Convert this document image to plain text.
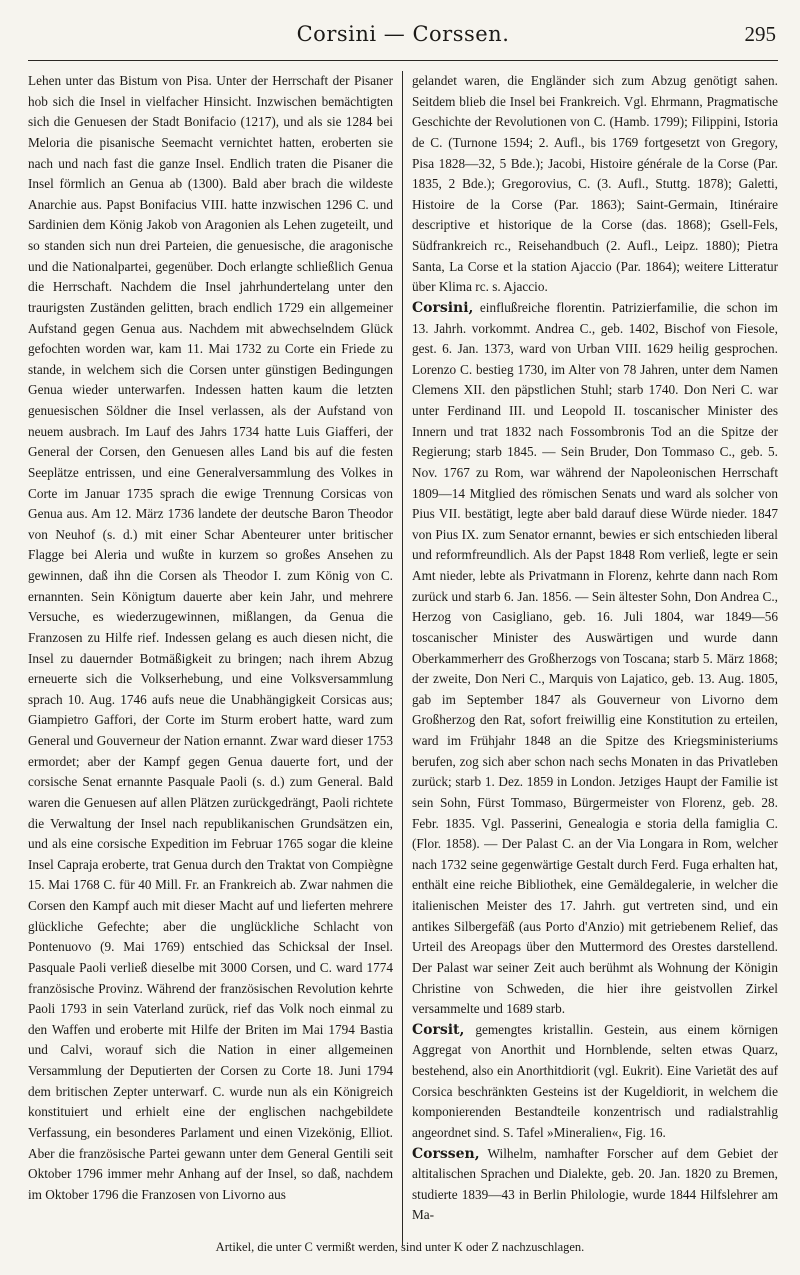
Corsini — Corssen.	295

Lehen unter das Bistum von Pisa. Unter der Herrschaft der Pisaner hob sich die Insel in vielfacher Hinsicht. Inzwischen bemächtigten sich die Genuesen der Stadt Bonifacio (1217), und als sie 1284 bei Meloria die pisanische Seemacht vernichtet hatten, eroberten sie nach und nach fast die ganze Insel. Endlich traten die Pisaner die Insel förmlich an Genua ab (1300). Bald aber brach die wildeste Anarchie aus. Papst Bonifacius VIII. hatte inzwischen 1296 C. und Sardinien dem König Jakob von Aragonien als Lehen zugeteilt, und so standen sich nun drei Parteien, die genuesische, die aragonische und die Nationalpartei, gegenüber. Doch erlangte schließlich Genua die Herrschaft. Nachdem die Insel jahrhundertelang unter den traurigsten Zuständen gelitten, brach endlich 1729 ein allgemeiner Aufstand gegen Genua aus. Nachdem mit abwechselndem Glück gefochten worden war, kam 11. Mai 1732 zu Corte ein Friede zu stande, in welchem sich die Corsen unter günstigen Bedingungen Genua wieder unterwarfen. Indessen hatten kaum die letzten genuesischen Söldner die Insel verlassen, als der Aufstand von neuem ausbrach. Im Lauf des Jahrs 1734 hatte Luis Giafferi, der General der Corsen, den Genuesen alles Land bis auf die festen Seeplätze entrissen, und eine Generalversammlung des Volkes in Corte im Januar 1735 sprach die ewige Trennung Corsicas von Genua aus. Am 12. März 1736 landete der deutsche Baron Theodor von Neuhof (s. d.) mit einer Schar Abenteurer unter britischer Flagge bei Aleria und wußte in kurzem so großes Ansehen zu gewinnen, daß ihn die Corsen als Theodor I. zum König von C. ernannten. Sein Königtum dauerte aber kein Jahr, und mehrere Versuche, es wiederzugewinnen, mißlangen, da Genua die Franzosen zu Hilfe rief. Indessen gelang es auch diesen nicht, die Insel zu dauernder Botmäßigkeit zu bringen; nach ihrem Abzug erneuerte sich die Volkserhebung, und eine Volksversammlung sprach 10. Aug. 1746 aufs neue die Unabhängigkeit Corsicas aus; Giampietro Gaffori, der Corte im Sturm erobert hatte, ward zum General und Gouverneur der Nation ernannt. Zwar ward dieser 1753 ermordet; aber der Kampf gegen Genua dauerte fort, und der corsische Senat ernannte Pasquale Paoli (s. d.) zum General. Bald waren die Genuesen auf allen Plätzen zurückgedrängt, Paoli richtete die Verwaltung der Insel nach republikanischen Grundsätzen ein, und als eine corsische Expedition im Februar 1765 sogar die kleine Insel Capraja eroberte, trat Genua durch den Traktat von Compiègne 15. Mai 1768 C. für 40 Mill. Fr. an Frankreich ab. Zwar nahmen die Corsen den Kampf auch mit dieser Macht auf und lieferten mehrere glückliche Gefechte; aber die unglückliche Schlacht von Pontenuovo (9. Mai 1769) entschied das Schicksal der Insel. Pasquale Paoli verließ dieselbe mit 3000 Corsen, und C. ward 1774 französische Provinz. Während der französischen Revolution kehrte Paoli 1793 in sein Vaterland zurück, rief das Volk noch einmal zu den Waffen und eroberte mit Hilfe der Briten im Mai 1794 Bastia und Calvi, worauf sich die Nation in einer allgemeinen Versammlung der Deputierten der Corsen zu Corte 18. Juni 1794 dem britischen Zepter unterwarf. C. wurde nun als ein Königreich konstituiert und erhielt eine der englischen nachgebildete Verfassung, ein besonderes Parlament und einen Vizekönig, Elliot. Aber die französische Partei gewann unter dem General Gentili seit Oktober 1796 immer mehr Anhang auf der Insel, so daß, nachdem im Oktober 1796 die Franzosen von Livorno aus

gelandet waren, die Engländer sich zum Abzug genötigt sahen. Seitdem blieb die Insel bei Frankreich. Vgl. Ehrmann, Pragmatische Geschichte der Revolutionen von C. (Hamb. 1799); Filippini, Istoria de C. (Turnone 1594; 2. Aufl., bis 1769 fortgesetzt von Gregory, Pisa 1828—32, 5 Bde.); Jacobi, Histoire générale de la Corse (Par. 1835, 2 Bde.); Gregorovius, C. (3. Aufl., Stuttg. 1878); Galetti, Histoire de la Corse (Par. 1863); Saint-Germain, Itinéraire descriptive et historique de la Corse (das. 1868); Gsell-Fels, Südfrankreich rc., Reisehandbuch (2. Aufl., Leipz. 1880); Pietra Santa, La Corse et la station Ajaccio (Par. 1864); weitere Litteratur über Klima rc. s. Ajaccio.

Corsini, einflußreiche florentin. Patrizierfamilie, die schon im 13. Jahrh. vorkommt. Andrea C., geb. 1402, Bischof von Fiesole, gest. 6. Jan. 1373, ward von Urban VIII. 1629 heilig gesprochen. Lorenzo C. bestieg 1730, im Alter von 78 Jahren, unter dem Namen Clemens XII. den päpstlichen Stuhl; starb 1740. Don Neri C. war unter Ferdinand III. und Leopold II. toscanischer Minister des Innern und trat 1832 nach Fossombronis Tod an die Spitze der Regierung; starb 1845. — Sein Bruder, Don Tommaso C., geb. 5. Nov. 1767 zu Rom, war während der Napoleonischen Herrschaft 1809—14 Mitglied des römischen Senats und ward als solcher von Pius VII. bestätigt, legte aber bald darauf diese Würde nieder. 1847 von Pius IX. zum Senator ernannt, bewies er sich entschieden liberal und reformfreundlich. Als der Papst 1848 Rom verließ, legte er sein Amt nieder, lebte als Privatmann in Florenz, kehrte dann nach Rom zurück und starb 6. Jan. 1856. — Sein ältester Sohn, Don Andrea C., Herzog von Casigliano, geb. 16. Juli 1804, war 1849—56 toscanischer Minister des Auswärtigen und wurde dann Oberkammerherr des Großherzogs von Toscana; starb 5. März 1868; der zweite, Don Neri C., Marquis von Lajatico, geb. 13. Aug. 1805, gab im September 1847 als Gouverneur von Livorno dem Großherzog den Rat, sofort freiwillig eine Konstitution zu erteilen, ward im Frühjahr 1848 an die Spitze des Kriegsministeriums berufen, zog sich aber schon nach sechs Monaten in das Privatleben zurück; starb 1. Dez. 1859 in London. Jetziges Haupt der Familie ist sein Sohn, Fürst Tommaso, Bürgermeister von Florenz, geb. 28. Febr. 1835. Vgl. Passerini, Genealogia e storia della famiglia C. (Flor. 1858). — Der Palast C. an der Via Longara in Rom, welcher nach 1732 seine gegenwärtige Gestalt durch Ferd. Fuga erhalten hat, enthält eine reiche Bibliothek, eine Gemäldegalerie, in welcher die italienischen Meister des 17. Jahrh. gut vertreten sind, und ein antikes Silbergefäß (aus Porto d'Anzio) mit getriebenem Relief, das Urteil des Areopags über den Muttermord des Orestes darstellend. Der Palast war seiner Zeit auch berühmt als Wohnung der Königin Christine von Schweden, die hier ihre geistvollen Zirkel versammelte und 1689 starb.

Corsit, gemengtes kristallin. Gestein, aus einem körnigen Aggregat von Anorthit und Hornblende, selten etwas Quarz, bestehend, also ein Anorthitdiorit (vgl. Eukrit). Eine Varietät des auf Corsica beschränkten Gesteins ist der Kugeldiorit, in welchem die komponierenden Bestandteile konzentrisch und radialstrahlig angeordnet sind. S. Tafel »Mineralien«, Fig. 16.

Corssen, Wilhelm, namhafter Forscher auf dem Gebiet der altitalischen Sprachen und Dialekte, geb. 20. Jan. 1820 zu Bremen, studierte 1839—43 in Berlin Philologie, wurde 1844 Hilfslehrer am Ma-

Artikel, die unter C vermißt werden, sind unter K oder Z nachzuschlagen.
